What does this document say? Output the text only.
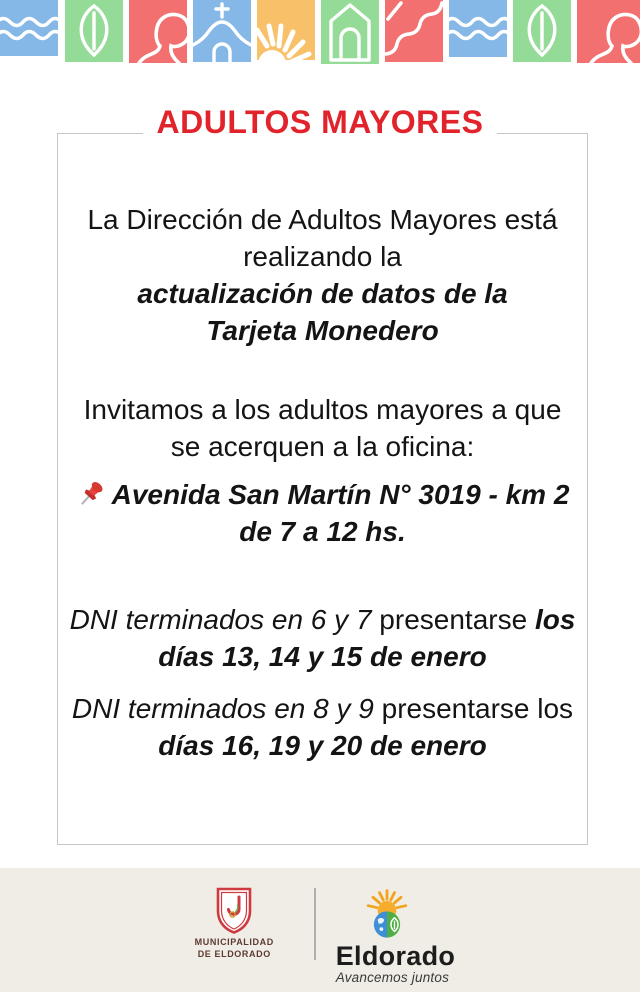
ADULTOS MAYORES
La Dirección de Adultos Mayores está
realizando la
actualización de datos de la
Tarjeta Monedero
Invitamos a los adultos mayores a que
se acerquen a la oficina:
Avenida San Martín N° 3019 - km 2
de 7 a 12 hs.
DNI terminados en 6 y 7 presentarse los
días 13, 14 y 15 de enero
DNI terminados en 8 y 9 presentarse los
días 16, 19 y 20 de enero
MUNICIPALIDAD
DE ELDORADO Eldorado
Avancemos juntos
